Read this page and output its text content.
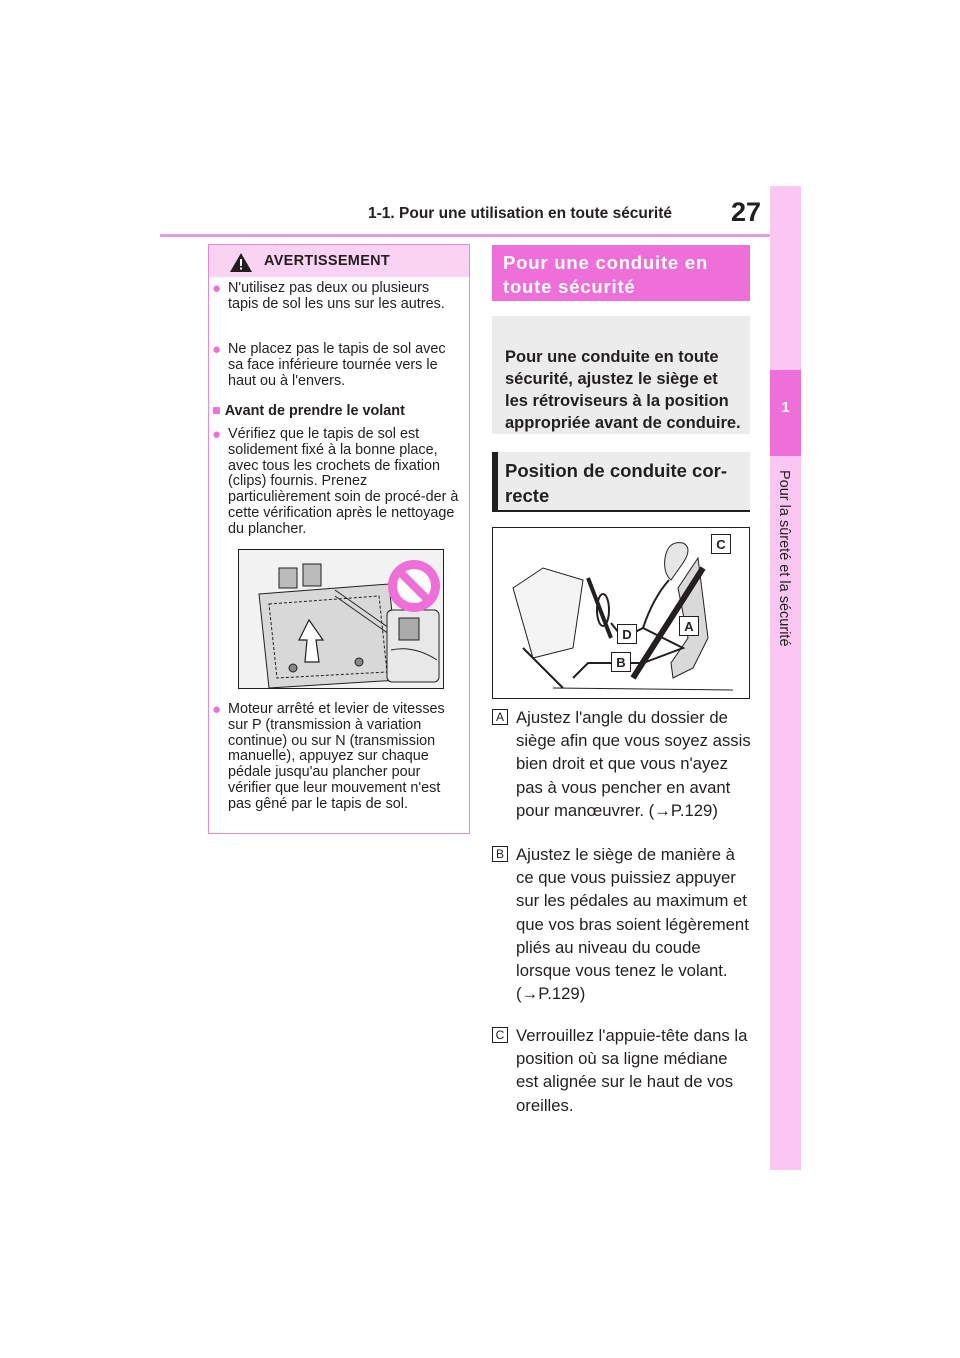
1-1. Pour une utilisation en toute sécurité 27
1
Pour la sûreté et la sécurité
AVERTISSEMENT
● N'utilisez pas deux ou plusieurs tapis de sol les uns sur les autres.
● Ne placez pas le tapis de sol avec sa face inférieure tournée vers le haut ou à l'envers.
■ Avant de prendre le volant
● Vérifiez que le tapis de sol est solidement fixé à la bonne place, avec tous les crochets de fixation (clips) fournis. Prenez particulièrement soin de procé-der à cette vérification après le nettoyage du plancher.
● Moteur arrêté et levier de vitesses sur P (transmission à variation continue) ou sur N (transmission manuelle), appuyez sur chaque pédale jusqu'au plancher pour vérifier que leur mouvement n'est pas gêné par le tapis de sol.
Pour une conduite en toute sécurité
Pour une conduite en toute sécurité, ajustez le siège et les rétroviseurs à la position appropriée avant de conduire.
Position de conduite cor-recte
C
D
A
B
A Ajustez l'angle du dossier de siège afin que vous soyez assis bien droit et que vous n'ayez pas à vous pencher en avant pour manœuvrer. (→P.129)
B Ajustez le siège de manière à ce que vous puissiez appuyer sur les pédales au maximum et que vos bras soient légèrement pliés au niveau du coude lorsque vous tenez le volant. (→P.129)
C Verrouillez l'appuie-tête dans la position où sa ligne médiane est alignée sur le haut de vos oreilles.
